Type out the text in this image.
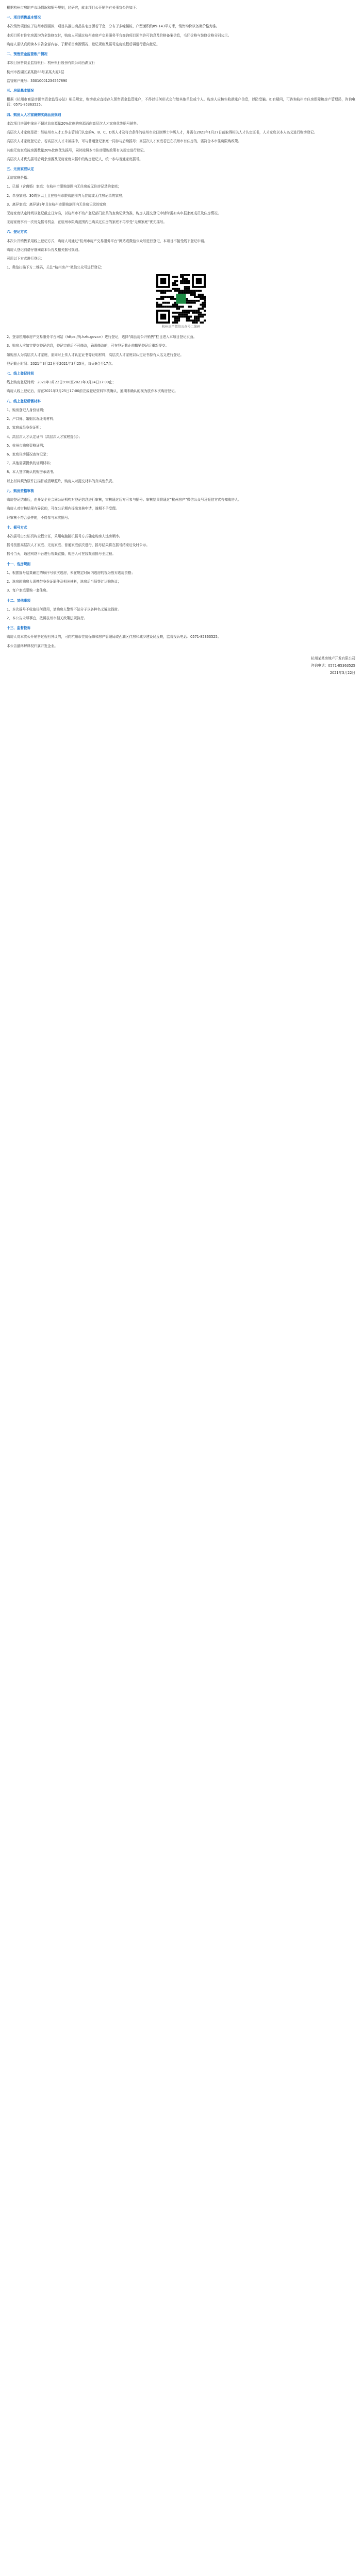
根据杭州市房地产市场情况和摇号规则，经研究，就本项目公开销售有关事宜公告如下：

一、项目销售基本情况

本次销售项目位于杭州市西湖区，项目共推出商品住宅房源若干套，分布于多幢楼栋，户型面积约89-143平方米，销售均价以备案价格为准。

本项目所有住宅房源均为全装修交付，购房人可通过杭州市房产交易服务平台查询项目预售许可信息及价格备案信息，毛坯价格与装修价格分别公示。

购房人需认真阅读本公告全部内容，了解项目房源情况、登记规则及摇号选房流程后再进行意向登记。

二、预售资金监管账户情况

本项目预售资金监管银行：杭州银行股份有限公司西湖支行

杭州市西湖区某某路88号某某大厦1层

监管账户账号：33010001234567890

三、房屋基本情况

根据《杭州市商品房预售资金监管办法》相关规定，购房款应直接存入预售资金监管账户，不得以任何形式交付给其他单位或个人。购房人应核实收款账户信息，以防受骗。如有疑问，可咨询杭州市住房保障和房产管理局，咨询电话：0571-85363525。

四、购房人人才家庭购买商品房规则

本次项目房源中拿出不超过总房源量20%比例的房源面向高层次人才家庭优先摇号销售。

高层次人才家庭是指：经杭州市人才工作主管部门认定的A、B、C、D类人才及符合条件的杭州市全日制博士学历人才，并需在2021年1月27日前取得相关人才认定证书，人才家庭以本人名义进行购房登记。

高层次人才家庭登记后，若高层次人才未被摇中，可与普通登记家庭一同参与后续摇号；高层次人才家庭若已在杭州市有住房的，需符合本市住房限购政策。

其他无房家庭按房源数量20%比例优先摇号，同时按照本市住房限购政策有关规定进行登记。

高层次人才优先摇号后剩余房源及无房家庭未摇中的购房登记人，统一参与普通家庭摇号。

五、无房家庭认定

无房家庭是指：

1、已婚（含离婚）家庭：在杭州市限购范围内无住房或无住房记录的家庭；

2、单身家庭：30周岁以上且在杭州市限购范围内无住房或无住房记录的家庭；

3、离异家庭：离异满3年且在杭州市限购范围内无住房记录的家庭；

无房家庭认定时间以登记截止日为准，以杭州市不动产登记部门出具的查询记录为准，购房人提交登记申请时需如实申报家庭成员及住房情况。

无房家庭享有一次优先摇号机会，在杭州市限购范围内已购买过住房的家庭不再享受“无房家庭”优先摇号。

六、登记方式

本次公开销售采用线上登记方式，购房人可通过“杭州市房产交易服务平台”网站或微信公众号进行登记，本项目不接受线下登记申请。

购房人登记前请仔细阅读本公告及相关摇号规则。

可用以下方式进行登记：

1、微信扫描下方二维码，关注“杭州房产”微信公众号进行登记；

杭州房产微信公众号二维码

2、登录杭州市房产交易服务平台网站（https://fj.hzfc.gov.cn）进行登记，选择“商品房公开销售”栏目进入本项目登记页面。

3、购房人应如实提交登记信息，登记完成后不可修改，确需修改的，可在登记截止前撤销登记后重新提交。

如购房人为高层次人才家庭，需同时上传人才认定证书等证明材料，高层次人才家庭以认定证书持有人名义进行登记。

登记截止时间：2021年3月22日至2021年3月25日，每天9点至17点。

七、线上登记时间

线上购房登记时间：2021年3月22日9:00至2021年3月24日17:00止；

购房人线上登记后，需在2021年3月25日17:00前完成登记资料审核确认，逾期未确认的视为放弃本次购房登记。

八、线上登记所需材料

1、购房登记人身份证明；

2、户口簿、婚姻状况证明材料；

3、家庭成员身份证明；

4、高层次人才认定证书（高层次人才家庭提供）；

5、杭州市购房资格证明；

6、家庭住房情况查询记录；

7、其他需要提供的证明材料；

8、本人签字确认的购房承诺书。

以上材料须为原件扫描件或清晰照片，购房人对提交材料的真实性负责。

九、购房资格审核

购房登记结束后，由开发企业会同公证机构对登记信息进行审核，审核通过后方可参与摇号。审核结果将通过“杭州房产”微信公众号及短信方式告知购房人。

购房人对审核结果有异议的，可在公示期内提出复核申请，逾期不予受理。

经审核不符合条件的，不得参与本次摇号。

十、摇号方式

本次摇号由公证机构全程公证，采用电脑随机摇号方式确定购房人选房顺序。

摇号按照高层次人才家庭、无房家庭、普通家庭依次进行，摇号结果将在摇号结束后及时公示。

摇号当天，通过网络平台进行视频直播，购房人可在线观看摇号全过程。

十一、选房规则

1、根据摇号结果确定的顺序号依次选房，未在规定时间内选房的视为放弃选房资格；

2、选房时购房人需携带身份证原件及相关材料，选房后当场签订认购协议；

3、每户家庭限购一套住房。

十二、其他事项

1、本次摇号不收取任何费用，请购房人警惕不法分子以各种名义骗取钱财。

2、本公告未尽事宜，按照杭州市相关政策法规执行。

十三、监督投诉

购房人对本次公开销售过程有异议的，可向杭州市住房保障和房产管理局或西湖区住房和城乡建设局反映，监督投诉电话：0571-85363525。

本公告最终解释权归属开发企业。

杭州某某房地产开发有限公司
咨询电话：0571-85363525
2021年3月22日
